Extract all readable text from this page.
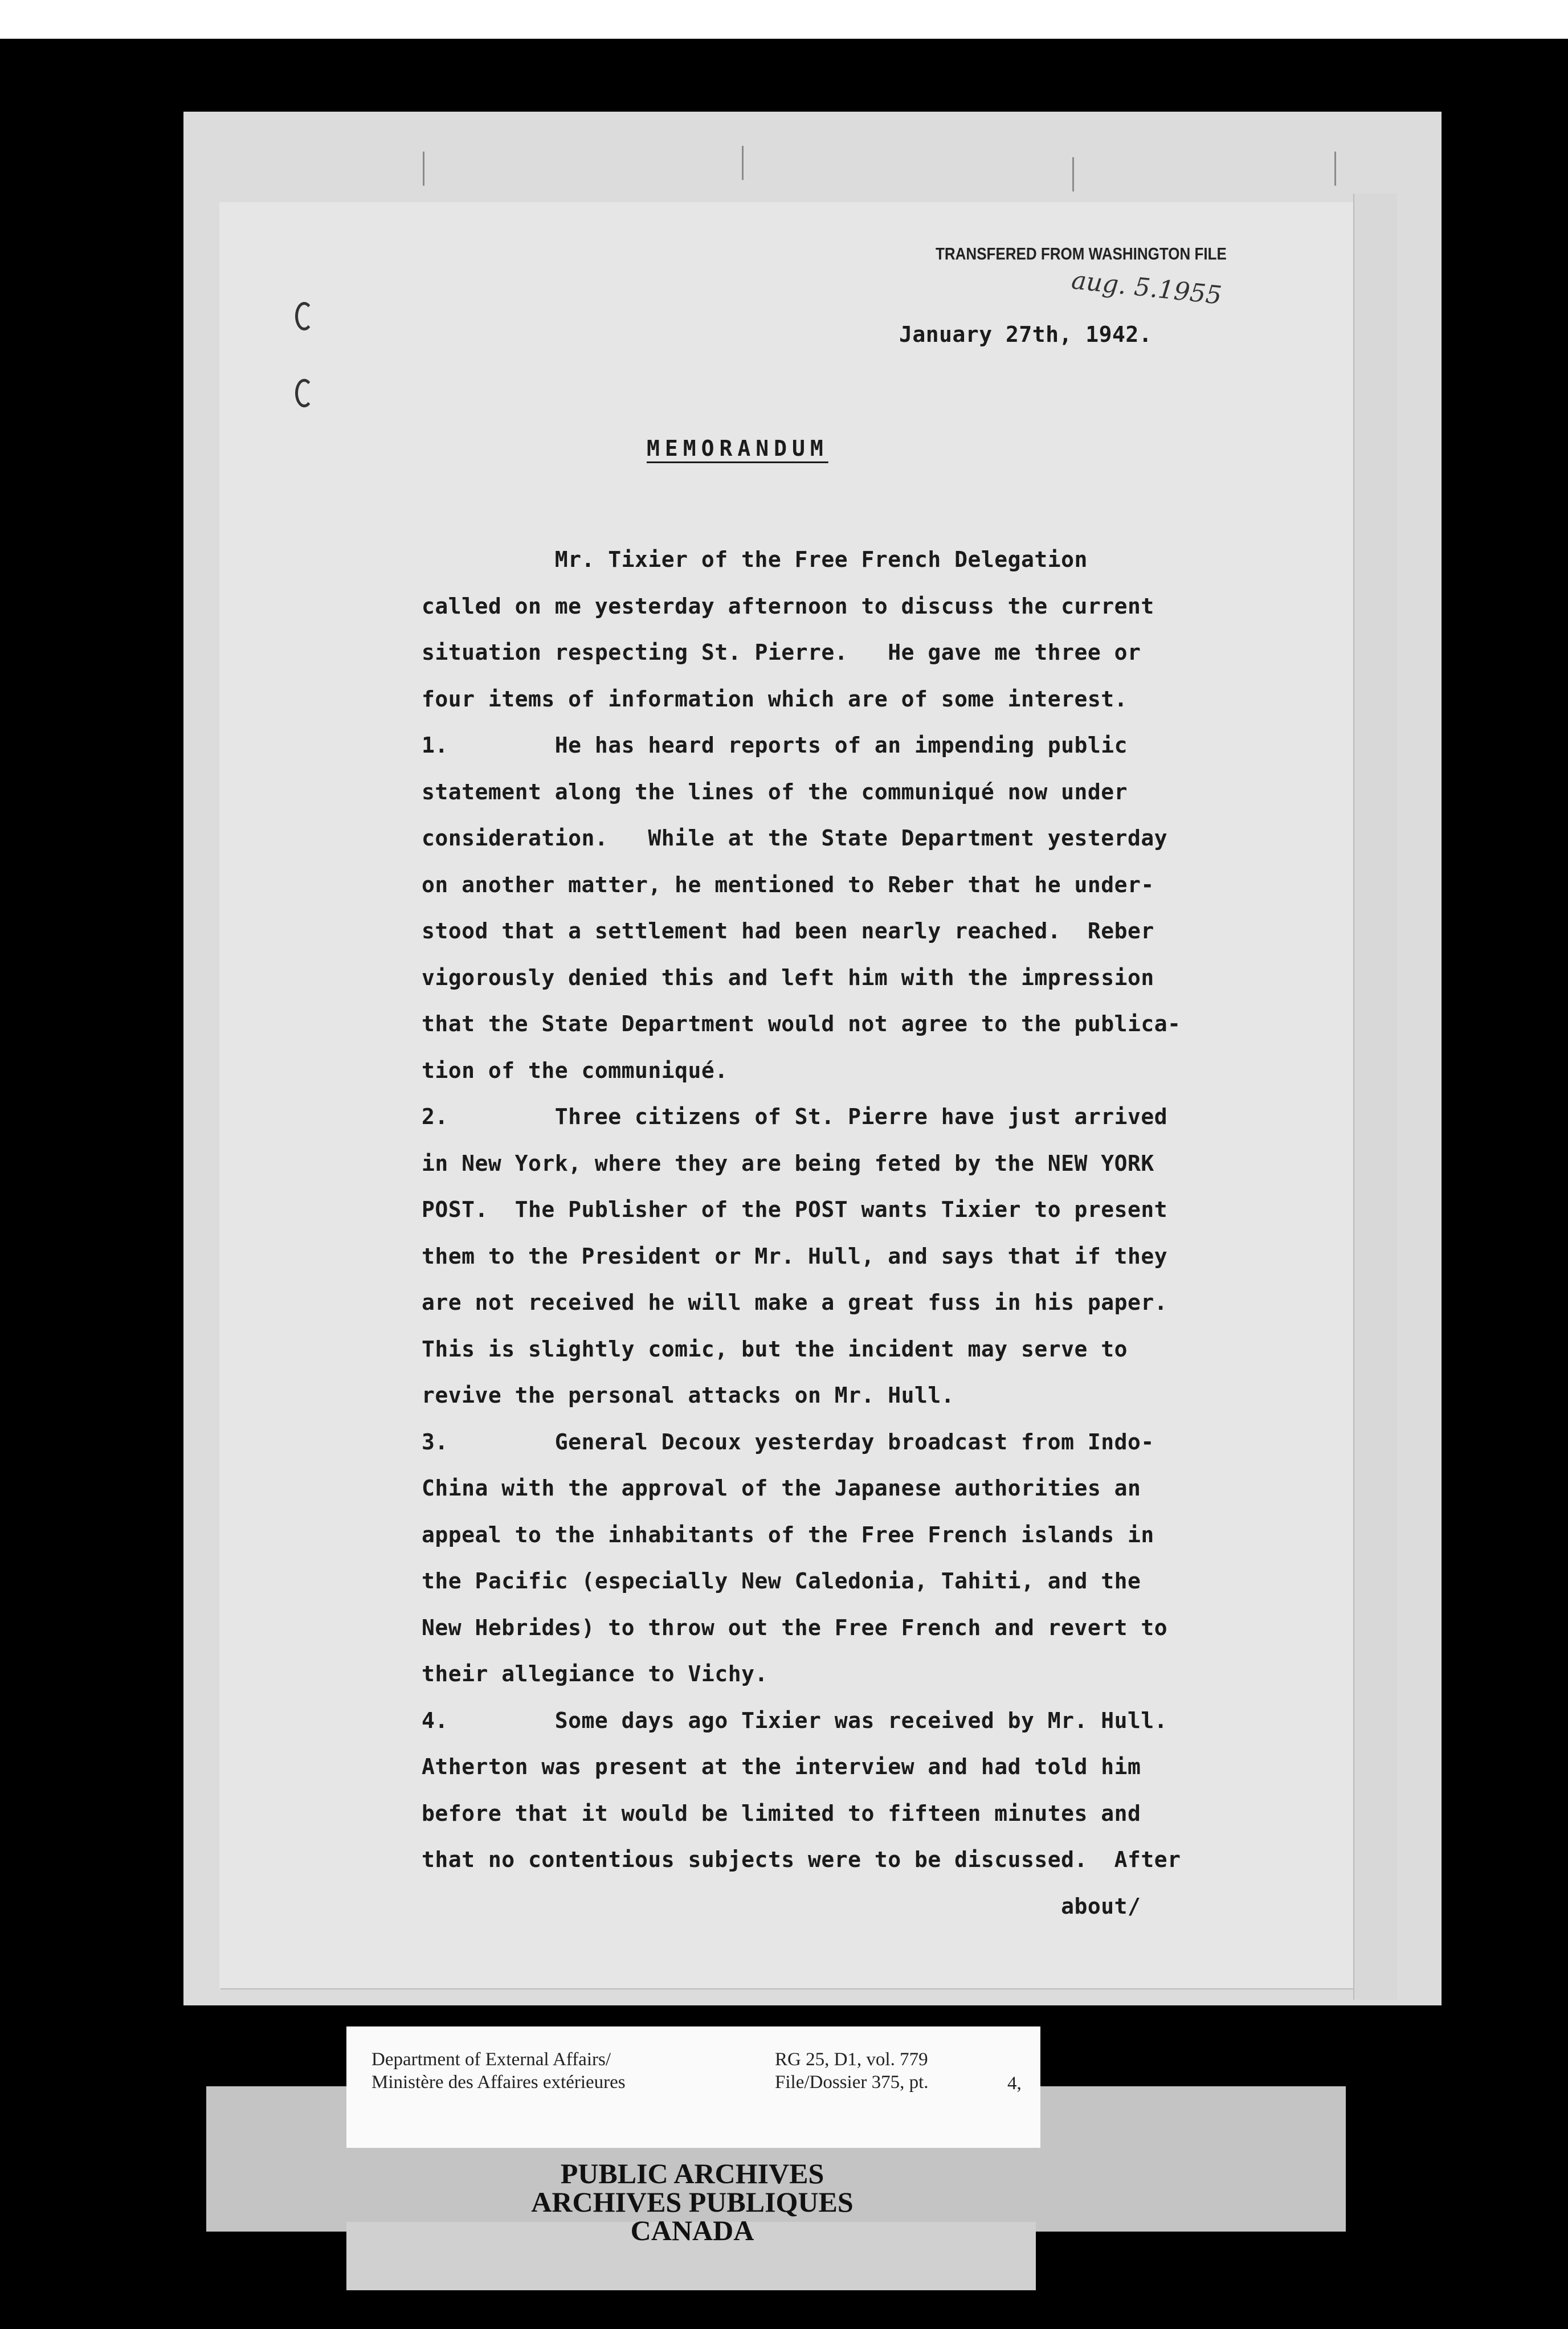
TRANSFERED FROM WASHINGTON FILE
aug. 5.1955
January 27th, 1942.
MEMORANDUM
Mr. Tixier of the Free French Delegation
called on me yesterday afternoon to discuss the current
situation respecting St. Pierre.   He gave me three or
four items of information which are of some interest.
1.        He has heard reports of an impending public
statement along the lines of the communiqué now under
consideration.   While at the State Department yesterday
on another matter, he mentioned to Reber that he under-
stood that a settlement had been nearly reached.  Reber
vigorously denied this and left him with the impression
that the State Department would not agree to the publica-
tion of the communiqué.
2.        Three citizens of St. Pierre have just arrived
in New York, where they are being feted by the NEW YORK
POST.  The Publisher of the POST wants Tixier to present
them to the President or Mr. Hull, and says that if they
are not received he will make a great fuss in his paper.
This is slightly comic, but the incident may serve to
revive the personal attacks on Mr. Hull.
3.        General Decoux yesterday broadcast from Indo-
China with the approval of the Japanese authorities an
appeal to the inhabitants of the Free French islands in
the Pacific (especially New Caledonia, Tahiti, and the
New Hebrides) to throw out the Free French and revert to
their allegiance to Vichy.
4.        Some days ago Tixier was received by Mr. Hull.
Atherton was present at the interview and had told him
before that it would be limited to fifteen minutes and
that no contentious subjects were to be discussed.  After
about/
Department of External Affairs/
Ministère des Affaires extérieures
RG 25, D1, vol. 779
File/Dossier 375, pt.	4,
PUBLIC ARCHIVES
ARCHIVES PUBLIQUES
CANADA
